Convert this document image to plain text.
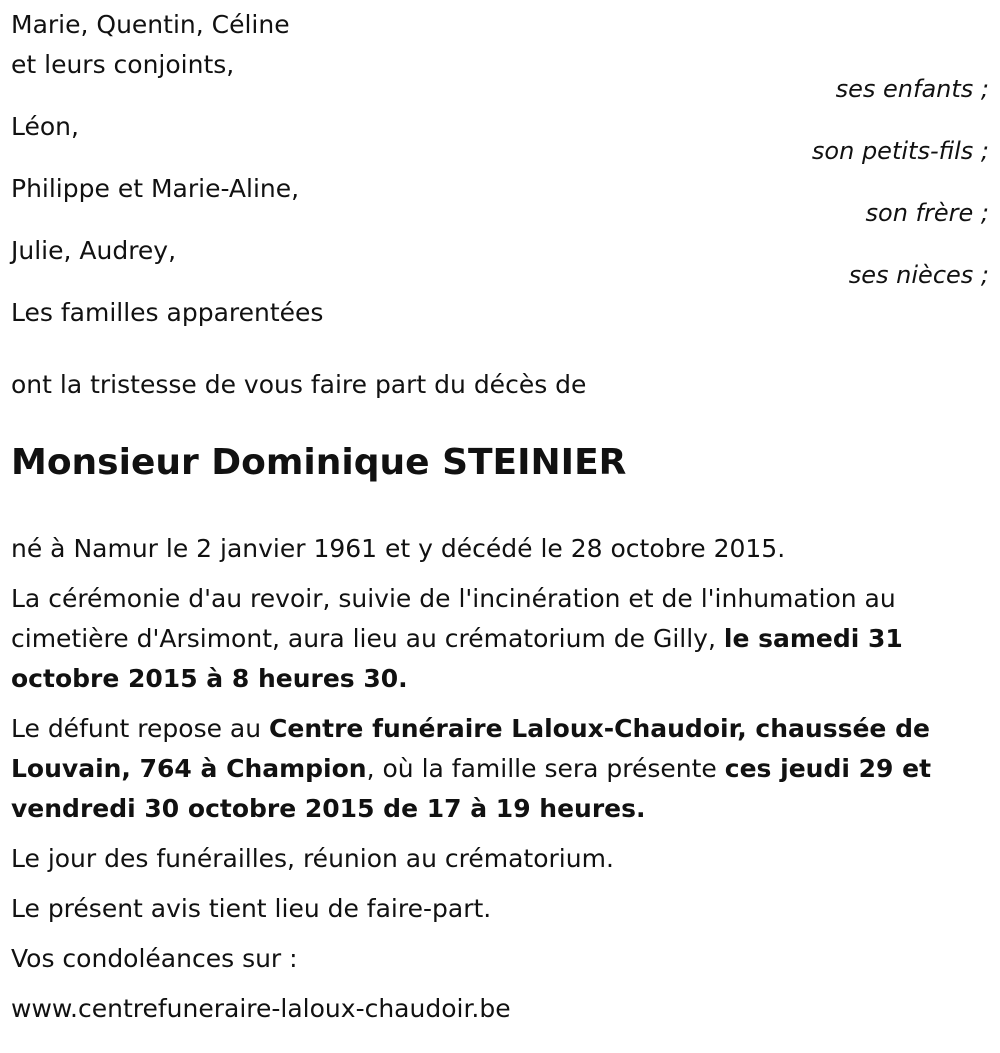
Marie, Quentin, Céline
et leurs conjoints,
ses enfants ;
Léon,
son petits-fils ;
Philippe et Marie-Aline,
son frère ;
Julie, Audrey,
ses nièces ;
Les familles apparentées
ont la tristesse de vous faire part du décès de
Monsieur Dominique STEINIER

né à Namur le 2 janvier 1961 et y décédé le 28 octobre 2015.

La cérémonie d'au revoir, suivie de l'incinération et de l'inhumation au cimetière d'Arsimont, aura lieu au crématorium de Gilly, le samedi 31 octobre 2015 à 8 heures 30.

Le défunt repose au Centre funéraire Laloux-Chaudoir, chaussée de Louvain, 764 à Champion, où la famille sera présente ces jeudi 29 et vendredi 30 octobre 2015 de 17 à 19 heures.

Le jour des funérailles, réunion au crématorium.

Le présent avis tient lieu de faire-part.

Vos condoléances sur :

www.centrefuneraire-laloux-chaudoir.be
